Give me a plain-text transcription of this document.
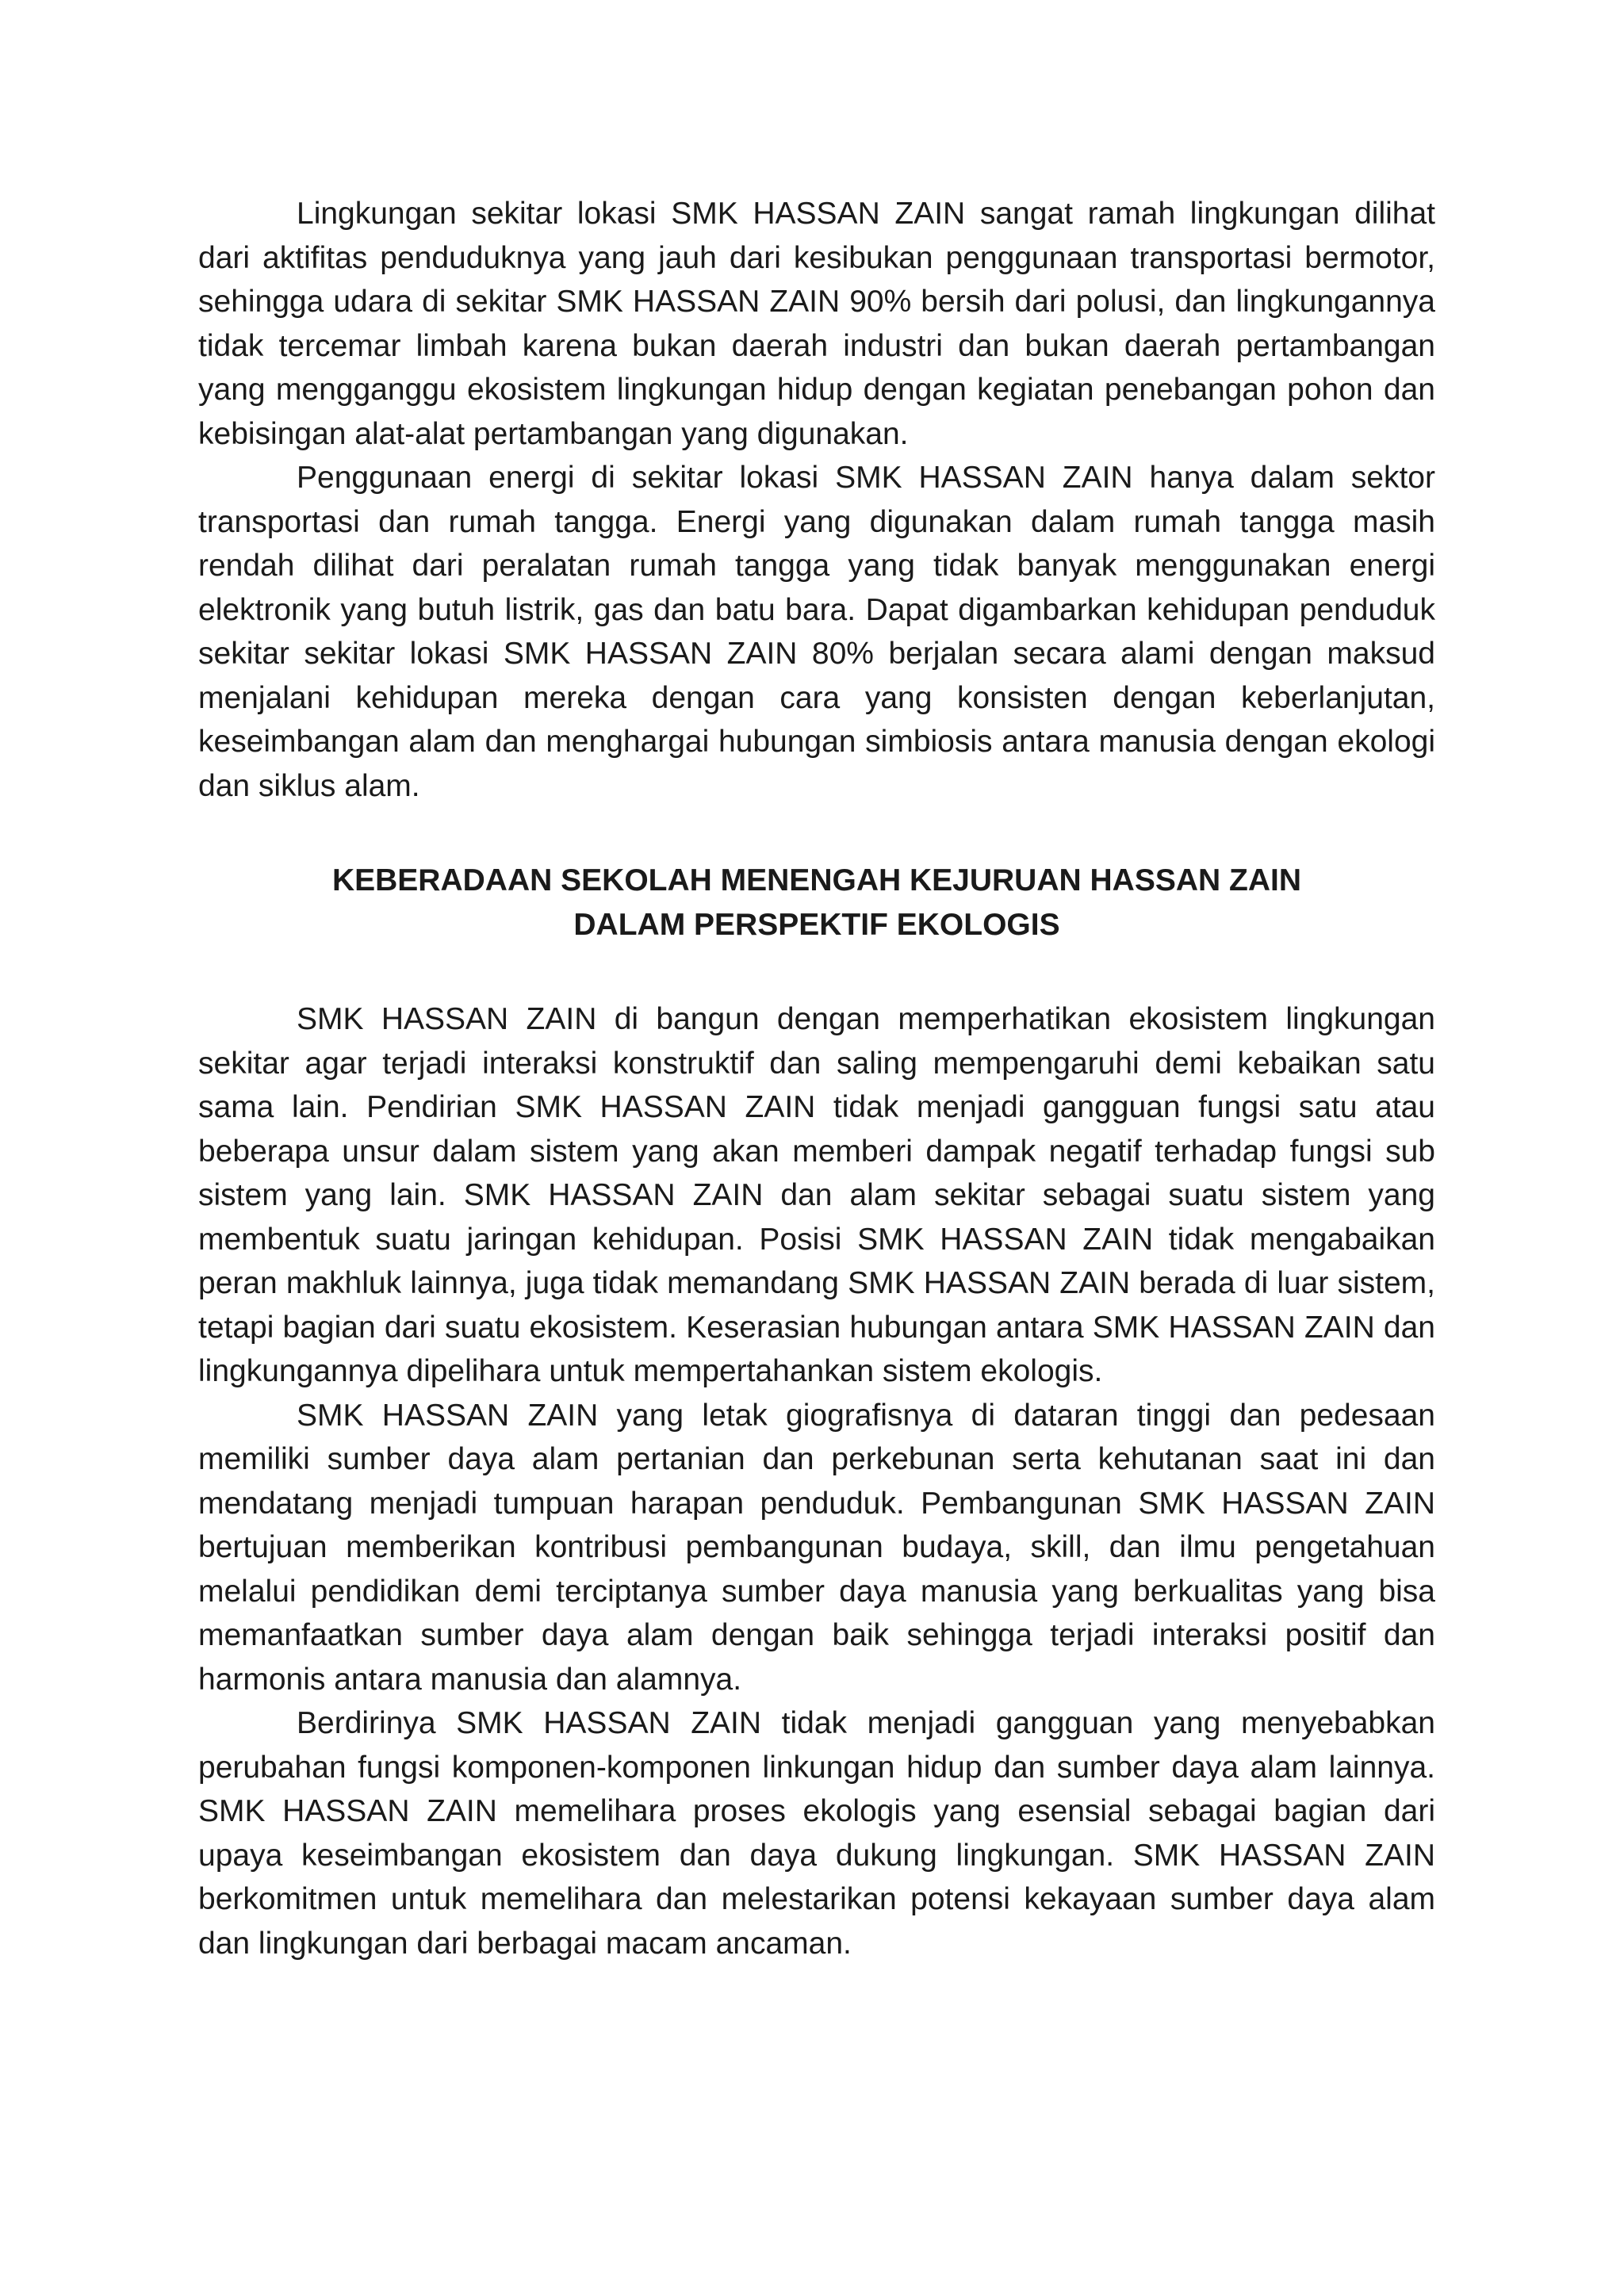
Lingkungan sekitar lokasi SMK HASSAN ZAIN sangat ramah lingkungan dilihat dari aktifitas penduduknya yang jauh dari kesibukan penggunaan transportasi bermotor, sehingga udara di sekitar SMK HASSAN ZAIN 90% bersih dari polusi, dan lingkungannya tidak tercemar limbah karena bukan daerah industri dan bukan daerah pertambangan yang mengganggu ekosistem lingkungan hidup dengan kegiatan penebangan pohon dan kebisingan alat-alat pertambangan yang digunakan.

Penggunaan energi di sekitar lokasi SMK HASSAN ZAIN hanya dalam sektor transportasi dan rumah tangga. Energi yang digunakan dalam rumah tangga masih rendah dilihat dari peralatan rumah tangga yang tidak banyak menggunakan energi elektronik yang butuh listrik, gas dan batu bara. Dapat digambarkan kehidupan penduduk sekitar sekitar lokasi SMK HASSAN ZAIN 80% berjalan secara alami dengan maksud menjalani kehidupan mereka dengan cara yang konsisten dengan keberlanjutan, keseimbangan alam dan menghargai hubungan simbiosis antara manusia dengan ekologi dan siklus alam.

KEBERADAAN SEKOLAH MENENGAH KEJURUAN HASSAN ZAIN
DALAM PERSPEKTIF EKOLOGIS

SMK HASSAN ZAIN di bangun dengan memperhatikan ekosistem lingkungan sekitar agar terjadi interaksi konstruktif dan saling mempengaruhi demi kebaikan satu sama lain. Pendirian SMK HASSAN ZAIN tidak menjadi gangguan fungsi satu atau beberapa unsur dalam sistem yang akan memberi dampak negatif terhadap fungsi sub sistem yang lain. SMK HASSAN ZAIN dan alam sekitar sebagai suatu sistem yang membentuk suatu jaringan kehidupan. Posisi SMK HASSAN ZAIN tidak mengabaikan peran makhluk lainnya, juga tidak memandang SMK HASSAN ZAIN berada di luar sistem, tetapi bagian dari suatu ekosistem. Keserasian hubungan antara SMK HASSAN ZAIN dan lingkungannya dipelihara untuk mempertahankan sistem ekologis.

SMK HASSAN ZAIN yang letak giografisnya di dataran tinggi dan pedesaan memiliki sumber daya alam pertanian dan perkebunan serta kehutanan saat ini dan mendatang menjadi tumpuan harapan penduduk. Pembangunan SMK HASSAN ZAIN bertujuan memberikan kontribusi pembangunan budaya, skill, dan ilmu pengetahuan melalui pendidikan demi terciptanya sumber daya manusia yang berkualitas yang bisa memanfaatkan sumber daya alam dengan baik sehingga terjadi interaksi positif dan harmonis antara manusia dan alamnya.

Berdirinya SMK HASSAN ZAIN tidak menjadi gangguan yang menyebabkan perubahan fungsi komponen-komponen linkungan hidup dan sumber daya alam lainnya. SMK HASSAN ZAIN memelihara proses ekologis yang esensial sebagai bagian dari upaya keseimbangan ekosistem dan daya dukung lingkungan. SMK HASSAN ZAIN berkomitmen untuk memelihara dan melestarikan potensi kekayaan sumber daya alam dan lingkungan dari berbagai macam ancaman.
